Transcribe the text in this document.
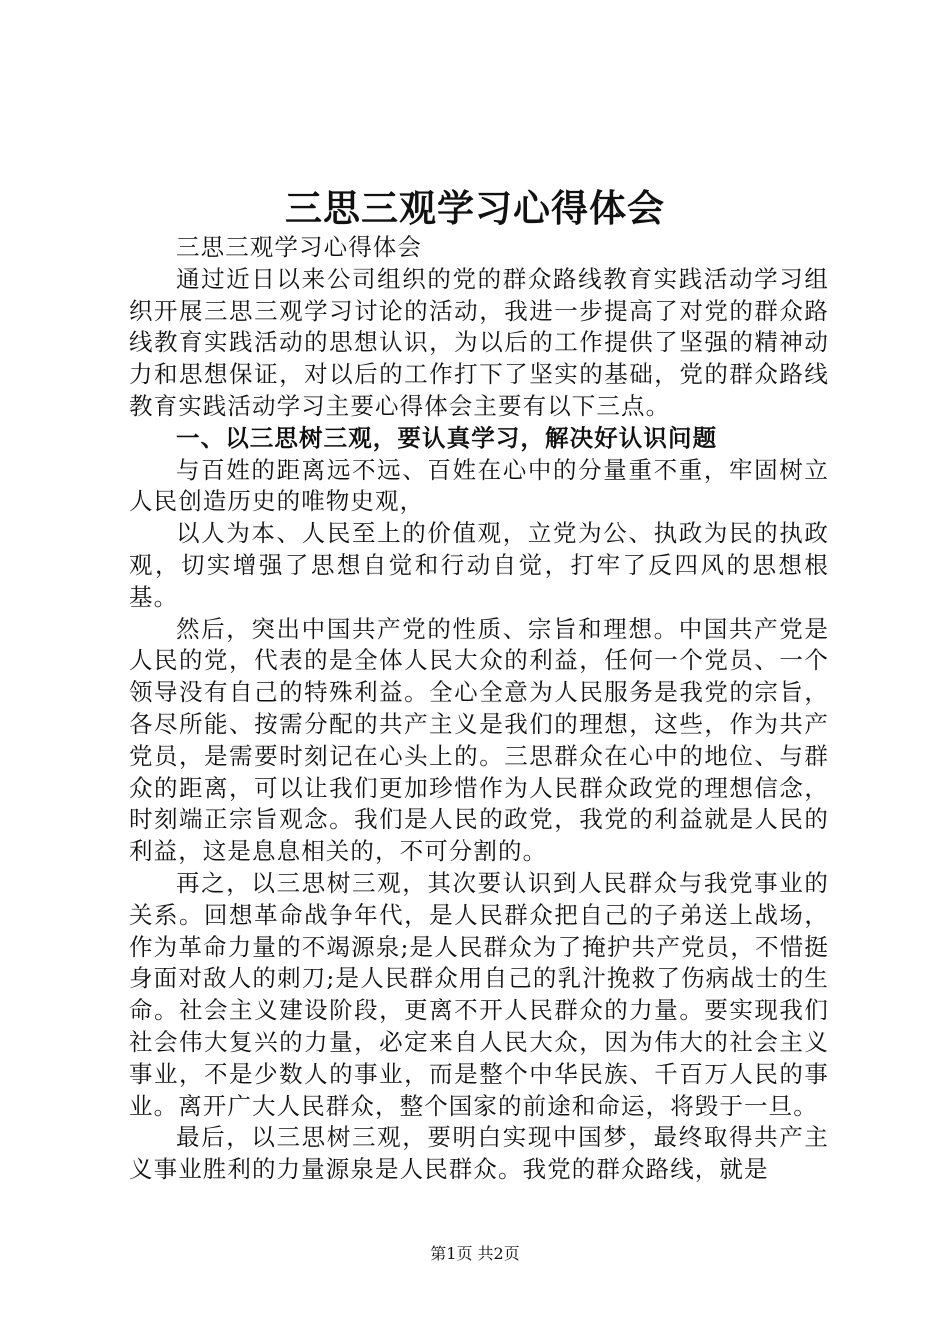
三思三观学习心得体会

三思三观学习心得体会

通过近日以来公司组织的党的群众路线教育实践活动学习组织开展三思三观学习讨论的活动，我进一步提高了对党的群众路线教育实践活动的思想认识，为以后的工作提供了坚强的精神动力和思想保证，对以后的工作打下了坚实的基础，党的群众路线教育实践活动学习主要心得体会主要有以下三点。

一、以三思树三观，要认真学习，解决好认识问题

与百姓的距离远不远、百姓在心中的分量重不重，牢固树立人民创造历史的唯物史观，

以人为本、人民至上的价值观，立党为公、执政为民的执政观，切实增强了思想自觉和行动自觉，打牢了反四风的思想根基。

然后，突出中国共产党的性质、宗旨和理想。中国共产党是人民的党，代表的是全体人民大众的利益，任何一个党员、一个领导没有自己的特殊利益。全心全意为人民服务是我党的宗旨，各尽所能、按需分配的共产主义是我们的理想，这些，作为共产党员，是需要时刻记在心头上的。三思群众在心中的地位、与群众的距离，可以让我们更加珍惜作为人民群众政党的理想信念，时刻端正宗旨观念。我们是人民的政党，我党的利益就是人民的利益，这是息息相关的，不可分割的。

再之，以三思树三观，其次要认识到人民群众与我党事业的关系。回想革命战争年代，是人民群众把自己的子弟送上战场，作为革命力量的不竭源泉;是人民群众为了掩护共产党员，不惜挺身面对敌人的刺刀;是人民群众用自己的乳汁挽救了伤病战士的生命。社会主义建设阶段，更离不开人民群众的力量。要实现我们社会伟大复兴的力量，必定来自人民大众，因为伟大的社会主义事业，不是少数人的事业，而是整个中华民族、千百万人民的事业。离开广大人民群众，整个国家的前途和命运，将毁于一旦。

最后，以三思树三观，要明白实现中国梦，最终取得共产主义事业胜利的力量源泉是人民群众。我党的群众路线，就是

第1页 共2页
